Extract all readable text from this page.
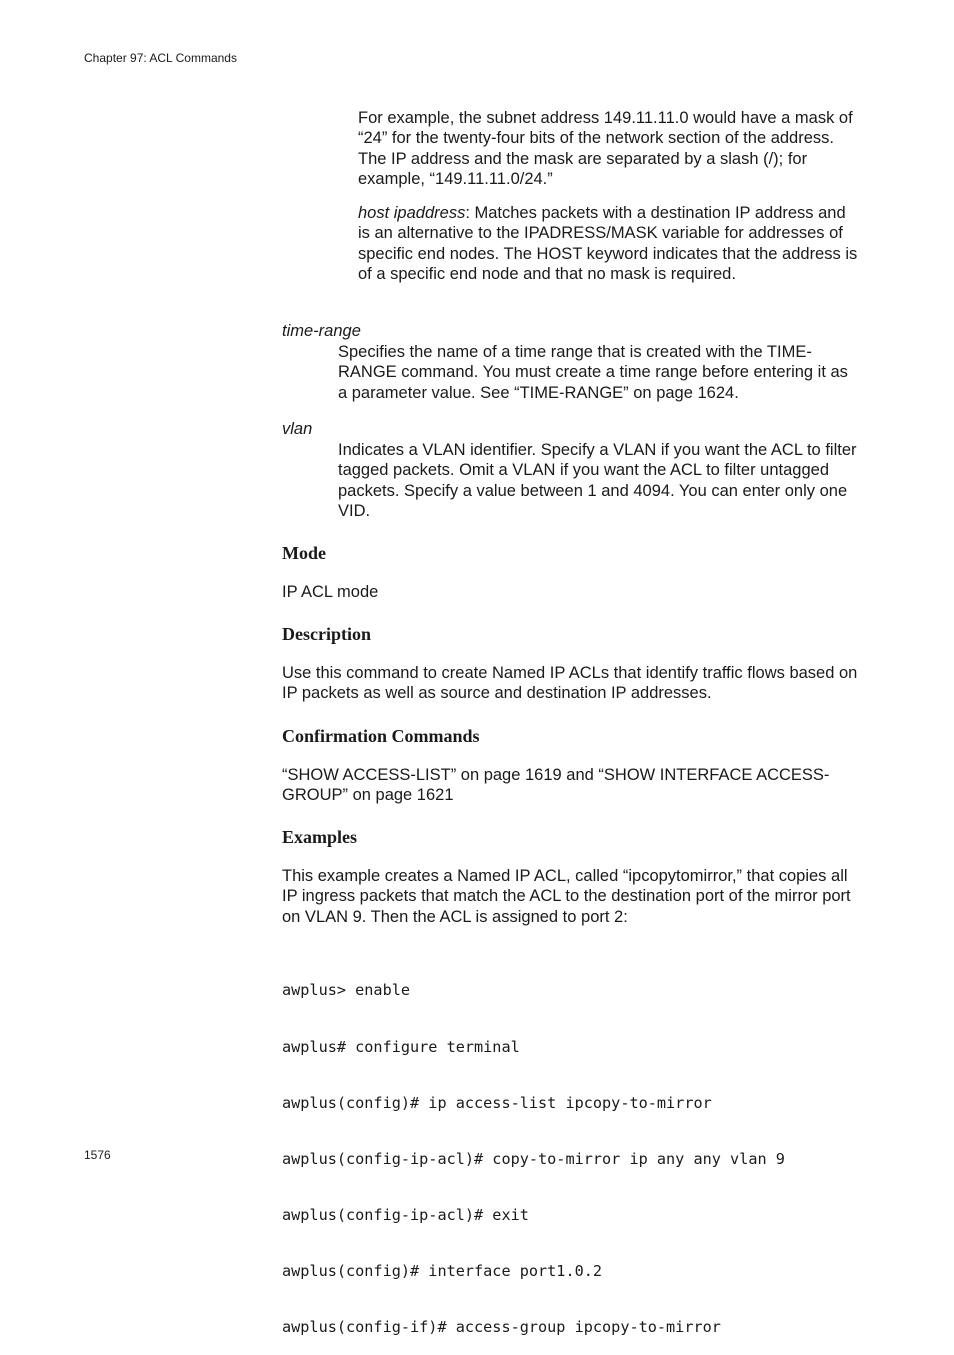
Chapter 97: ACL Commands

For example, the subnet address 149.11.11.0 would have a mask of “24” for the twenty-four bits of the network section of the address. The IP address and the mask are separated by a slash (/); for example, “149.11.11.0/24.”

host ipaddress: Matches packets with a destination IP address and is an alternative to the IPADRESS/MASK variable for addresses of specific end nodes. The HOST keyword indicates that the address is of a specific end node and that no mask is required.

time-range

Specifies the name of a time range that is created with the TIME-RANGE command. You must create a time range before entering it as a parameter value. See “TIME-RANGE” on page 1624.

vlan

Indicates a VLAN identifier. Specify a VLAN if you want the ACL to filter tagged packets. Omit a VLAN if you want the ACL to filter untagged packets. Specify a value between 1 and 4094. You can enter only one VID.

Mode

IP ACL mode

Description

Use this command to create Named IP ACLs that identify traffic flows based on IP packets as well as source and destination IP addresses.

Confirmation Commands

“SHOW ACCESS-LIST” on page 1619 and “SHOW INTERFACE ACCESS-GROUP” on page 1621

Examples

This example creates a Named IP ACL, called “ipcopytomirror,” that copies all IP ingress packets that match the ACL to the destination port of the mirror port on VLAN 9. Then the ACL is assigned to port 2:

awplus> enable

awplus# configure terminal

awplus(config)# ip access-list ipcopy-to-mirror

awplus(config-ip-acl)# copy-to-mirror ip any any vlan 9

awplus(config-ip-acl)# exit

awplus(config)# interface port1.0.2

awplus(config-if)# access-group ipcopy-to-mirror

1576
